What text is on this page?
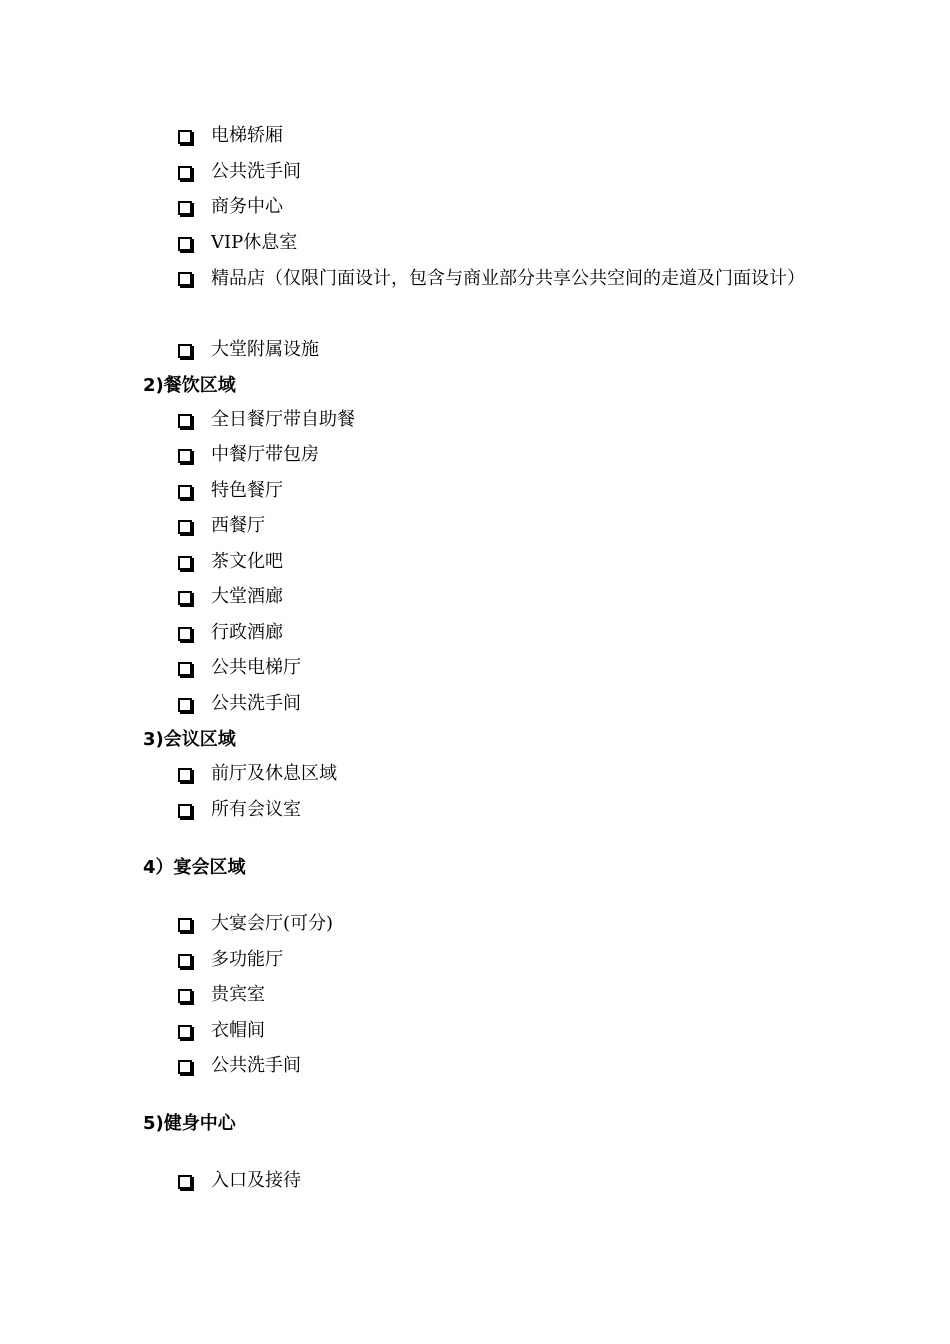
电梯轿厢
公共洗手间
商务中心
VIP休息室
精品店（仅限门面设计，包含与商业部分共享公共空间的走道及门面设计）
大堂附属设施
2)餐饮区域
全日餐厅带自助餐
中餐厅带包房
特色餐厅
西餐厅
茶文化吧
大堂酒廊
行政酒廊
公共电梯厅
公共洗手间
3)会议区域
前厅及休息区域
所有会议室
4）宴会区域
大宴会厅(可分)
多功能厅
贵宾室
衣帽间
公共洗手间
5)健身中心
入口及接待
